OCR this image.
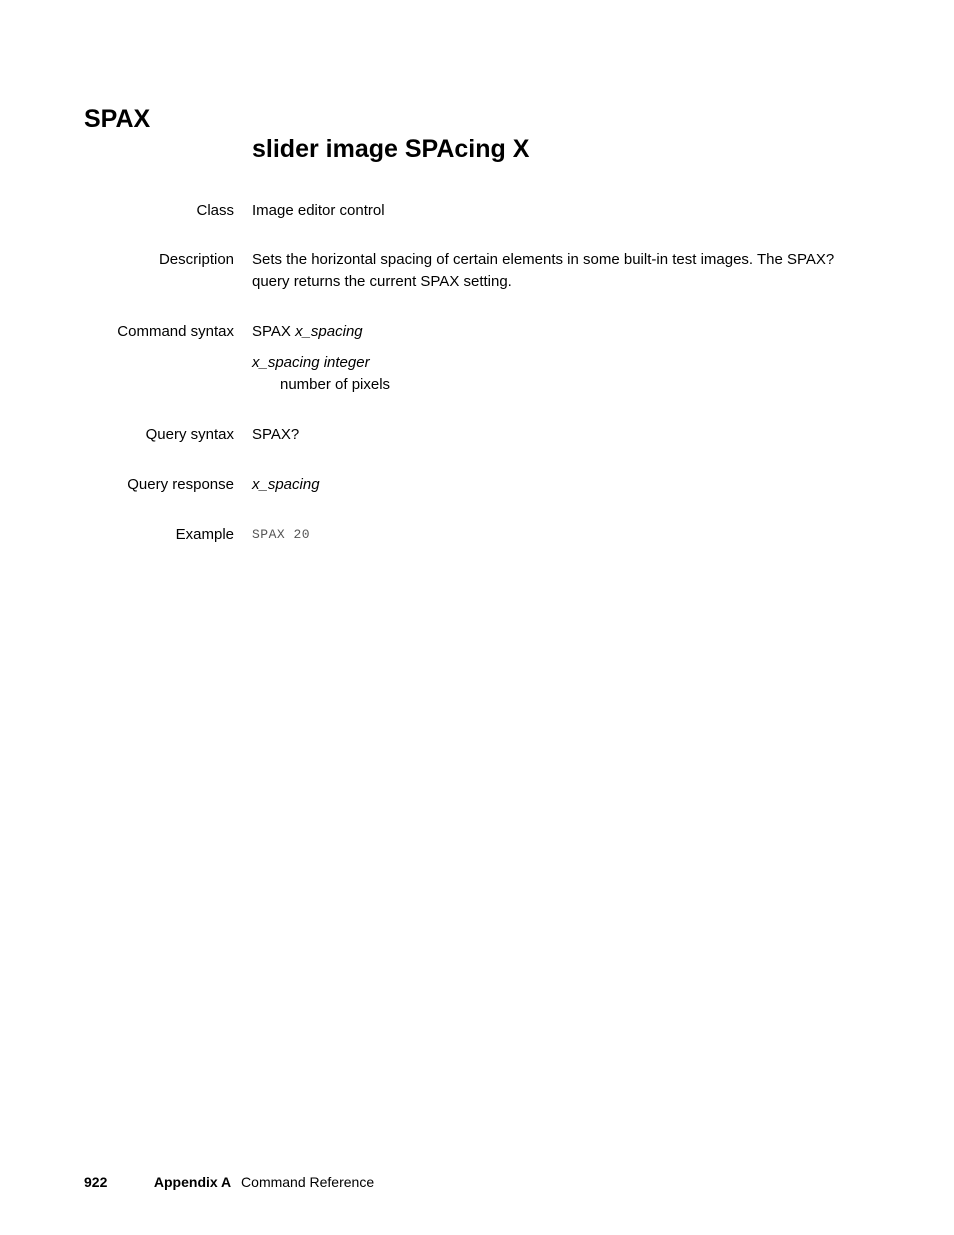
SPAX
slider image SPAcing X
Class Image editor control
Description Sets the horizontal spacing of certain elements in some built-in test images. The SPAX?
query returns the current SPAX setting.
Command syntax SPAX x_spacing
x_spacing integer
number of pixels
Query syntax SPAX?
Query response x_spacing
Example SPAX 20
922	Appendix A Command Reference
